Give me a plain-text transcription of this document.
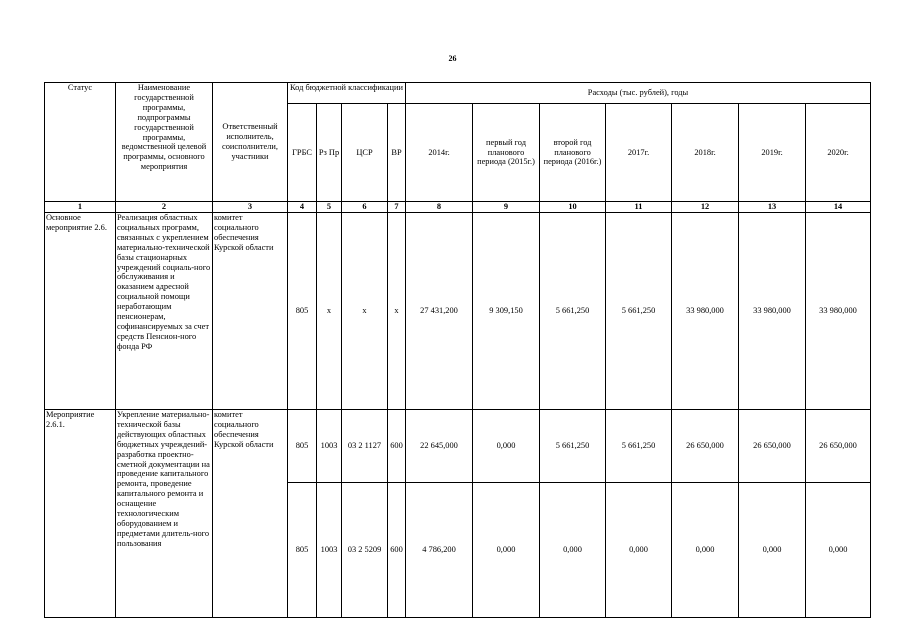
26
Статус	Наименование государственной программы, подпрограммы государственной программы, ведомственной целевой программы, основного мероприятия	Ответственный исполнитель, соисполнители, участники	Код бюджетной классификации				Расходы (тыс. рублей), годы						
			ГРБС	Рз Пр	ЦСР	ВР	2014г.	первый год планового периода (2015г.)	второй год планового периода (2016г.)	2017г.	2018г.	2019г.	2020г.
1	2	3	4	5	6	7	8	9	10	11	12	13	14
Основное мероприятие 2.6.	Реализация областных социальных программ, связанных с укреплением материально-технической базы стационарных учреждений социаль-ного обслуживания и оказанием адресной социальной помощи неработающим пенсионерам, софинансируемых за счет средств Пенсион-ного фонда РФ	комитет социального обеспечения Курской области	805	х	х	х	27 431,200	9 309,150	5 661,250	5 661,250	33 980,000	33 980,000	33 980,000
Мероприятие 2.6.1.	Укрепление материально-технической базы действующих областных бюджетных учреждений-разработка проектно-сметной документации на проведение капитального ремонта, проведение капитального ремонта и оснащение технологическим оборудованием и предметами длитель-ного пользования	комитет социального обеспечения Курской области	805	1003	03 2 1127	600	22 645,000	0,000	5 661,250	5 661,250	26 650,000	26 650,000	26 650,000
			805	1003	03 2 5209	600	4 786,200	0,000	0,000	0,000	0,000	0,000	0,000
